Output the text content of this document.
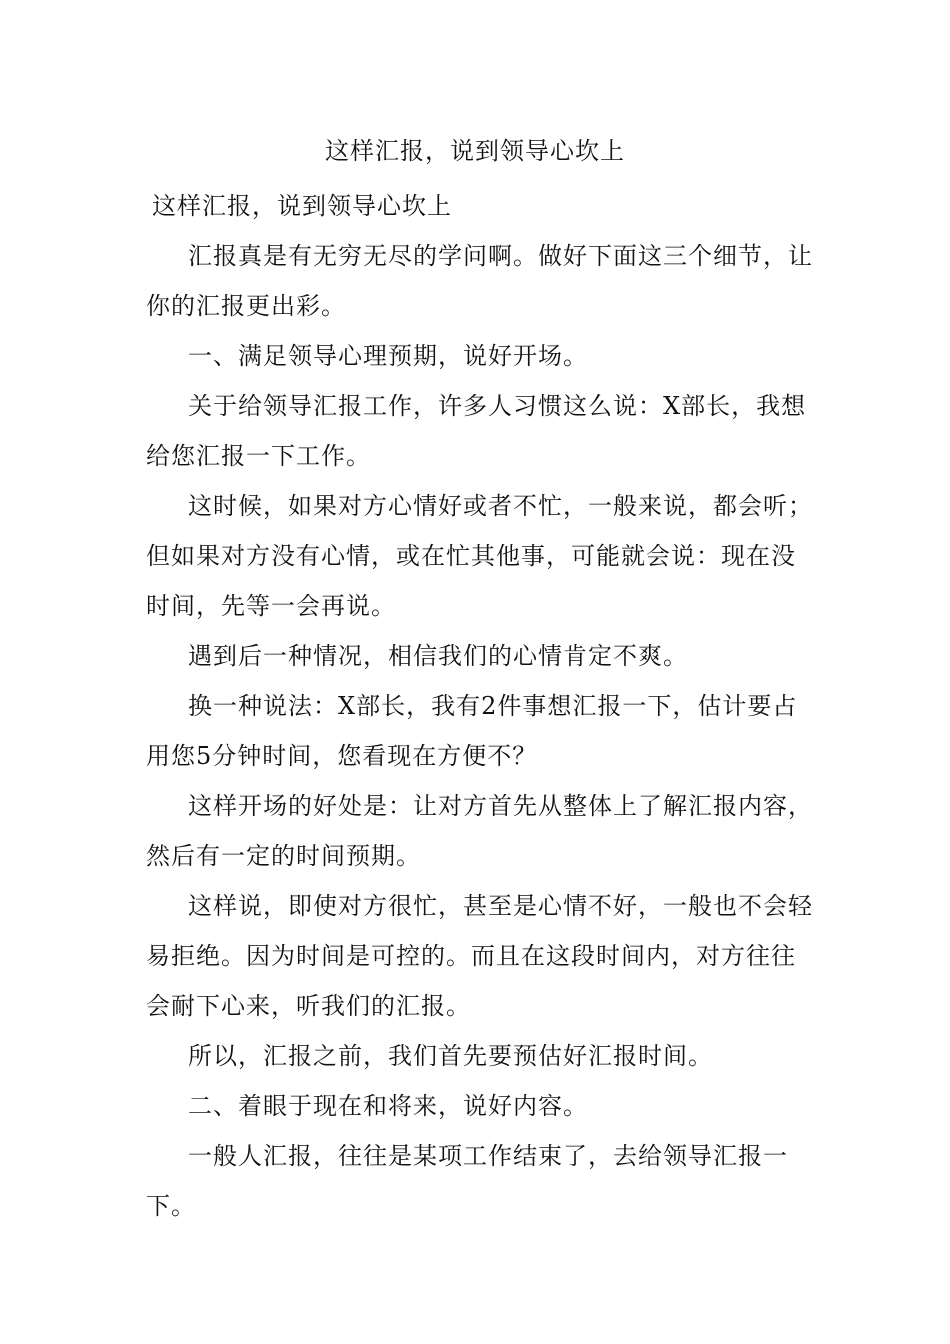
这样汇报，说到领导心坎上

这样汇报，说到领导心坎上

汇报真是有无穷无尽的学问啊。做好下面这三个细节，让你的汇报更出彩。

一、满足领导心理预期，说好开场。

关于给领导汇报工作，许多人习惯这么说：X部长，我想给您汇报一下工作。

这时候，如果对方心情好或者不忙，一般来说，都会听；但如果对方没有心情，或在忙其他事，可能就会说：现在没时间，先等一会再说。

遇到后一种情况，相信我们的心情肯定不爽。

换一种说法：X部长，我有2件事想汇报一下，估计要占用您5分钟时间，您看现在方便不？

这样开场的好处是：让对方首先从整体上了解汇报内容，然后有一定的时间预期。

这样说，即使对方很忙，甚至是心情不好，一般也不会轻易拒绝。因为时间是可控的。而且在这段时间内，对方往往会耐下心来，听我们的汇报。

所以，汇报之前，我们首先要预估好汇报时间。

二、着眼于现在和将来，说好内容。

一般人汇报，往往是某项工作结束了，去给领导汇报一下。
